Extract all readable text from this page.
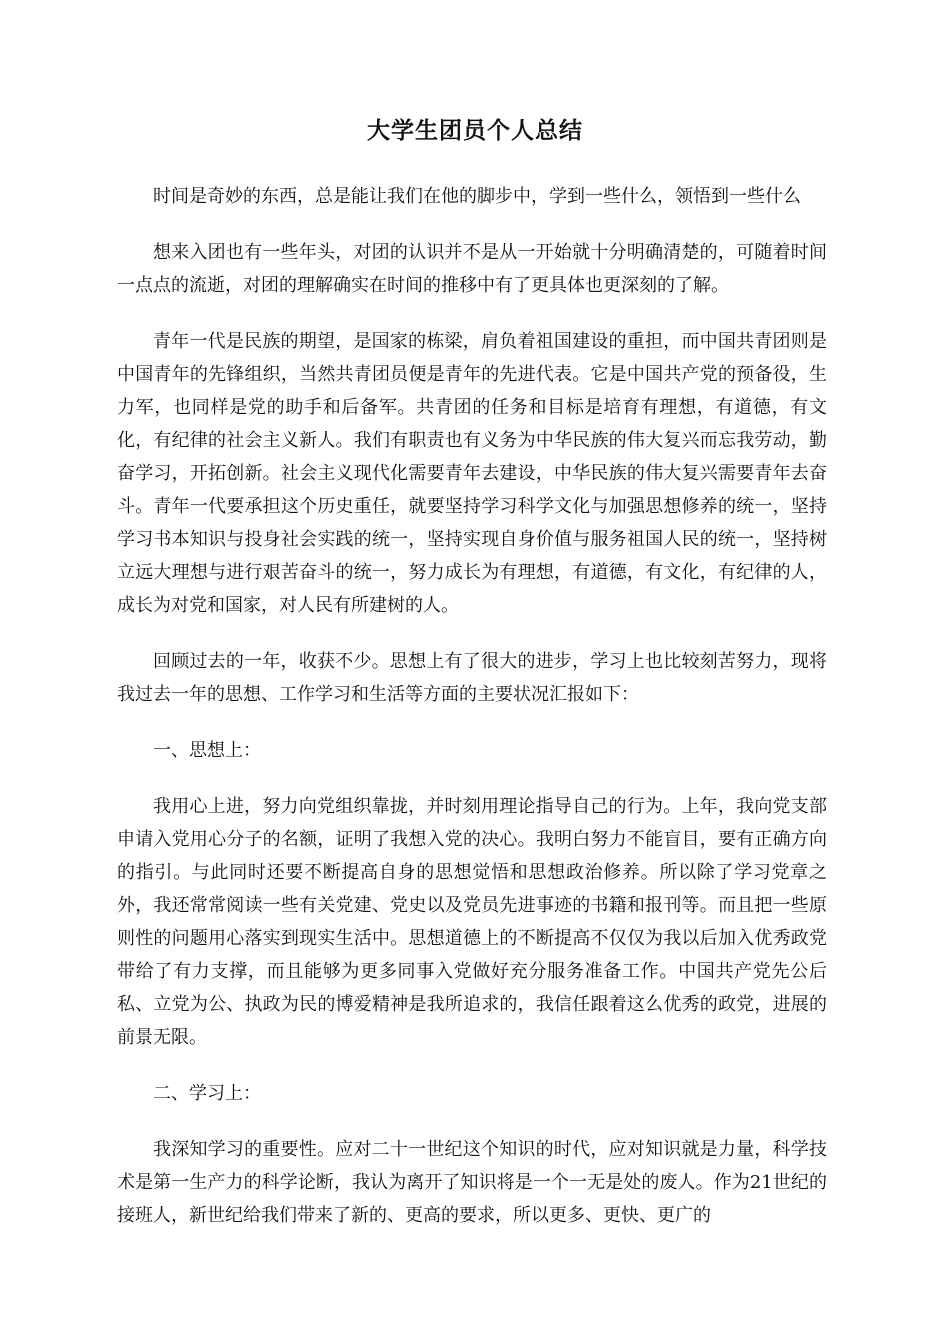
大学生团员个人总结

时间是奇妙的东西，总是能让我们在他的脚步中，学到一些什么，领悟到一些什么

想来入团也有一些年头，对团的认识并不是从一开始就十分明确清楚的，可随着时间一点点的流逝，对团的理解确实在时间的推移中有了更具体也更深刻的了解。

青年一代是民族的期望，是国家的栋梁，肩负着祖国建设的重担，而中国共青团则是中国青年的先锋组织，当然共青团员便是青年的先进代表。它是中国共产党的预备役，生力军，也同样是党的助手和后备军。共青团的任务和目标是培育有理想，有道德，有文化，有纪律的社会主义新人。我们有职责也有义务为中华民族的伟大复兴而忘我劳动，勤奋学习，开拓创新。社会主义现代化需要青年去建设，中华民族的伟大复兴需要青年去奋斗。青年一代要承担这个历史重任，就要坚持学习科学文化与加强思想修养的统一，坚持学习书本知识与投身社会实践的统一，坚持实现自身价值与服务祖国人民的统一，坚持树立远大理想与进行艰苦奋斗的统一，努力成长为有理想，有道德，有文化，有纪律的人，成长为对党和国家，对人民有所建树的人。

回顾过去的一年，收获不少。思想上有了很大的进步，学习上也比较刻苦努力，现将我过去一年的思想、工作学习和生活等方面的主要状况汇报如下：

一、思想上：

我用心上进，努力向党组织靠拢，并时刻用理论指导自己的行为。上年，我向党支部申请入党用心分子的名额，证明了我想入党的决心。我明白努力不能盲目，要有正确方向的指引。与此同时还要不断提高自身的思想觉悟和思想政治修养。所以除了学习党章之外，我还常常阅读一些有关党建、党史以及党员先进事迹的书籍和报刊等。而且把一些原则性的问题用心落实到现实生活中。思想道德上的不断提高不仅仅为我以后加入优秀政党带给了有力支撑，而且能够为更多同事入党做好充分服务准备工作。中国共产党先公后私、立党为公、执政为民的博爱精神是我所追求的，我信任跟着这么优秀的政党，进展的前景无限。

二、学习上：

我深知学习的重要性。应对二十一世纪这个知识的时代，应对知识就是力量，科学技术是第一生产力的科学论断，我认为离开了知识将是一个一无是处的废人。作为21世纪的接班人，新世纪给我们带来了新的、更高的要求，所以更多、更快、更广的
